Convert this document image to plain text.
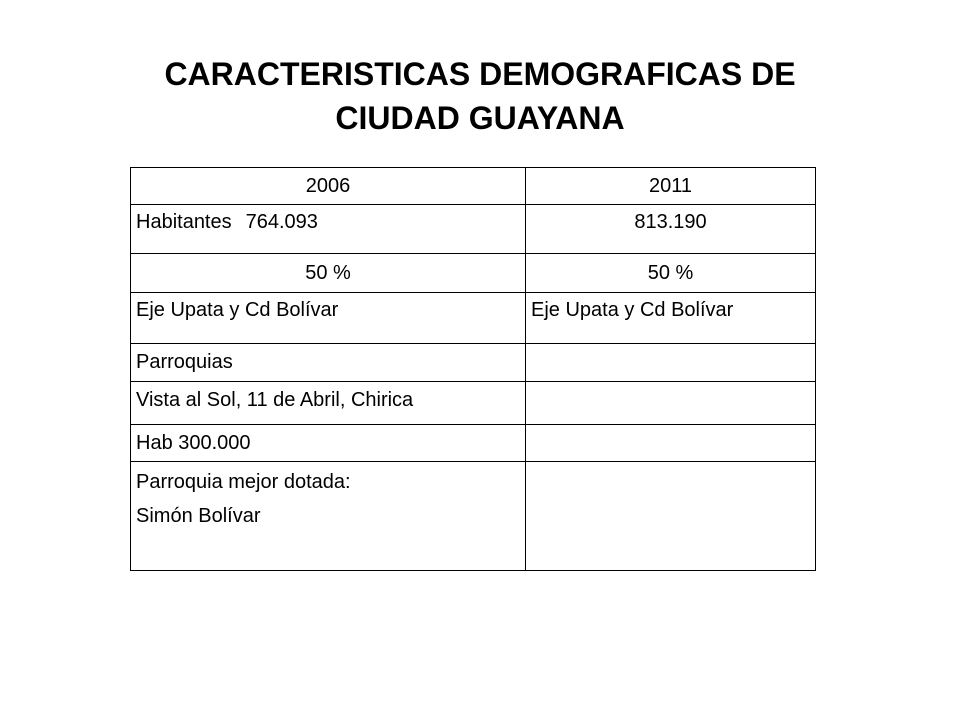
CARACTERISTICAS DEMOGRAFICAS DE
CIUDAD GUAYANA
2006	2011
Habitantes 764.093	813.190
50 %	50 %
Eje Upata y Cd Bolívar	Eje Upata y Cd Bolívar
Parroquias	
Vista al Sol, 11 de Abril, Chirica	
Hab 300.000	

Parroquia mejor dotada:
Simón Bolívar	
